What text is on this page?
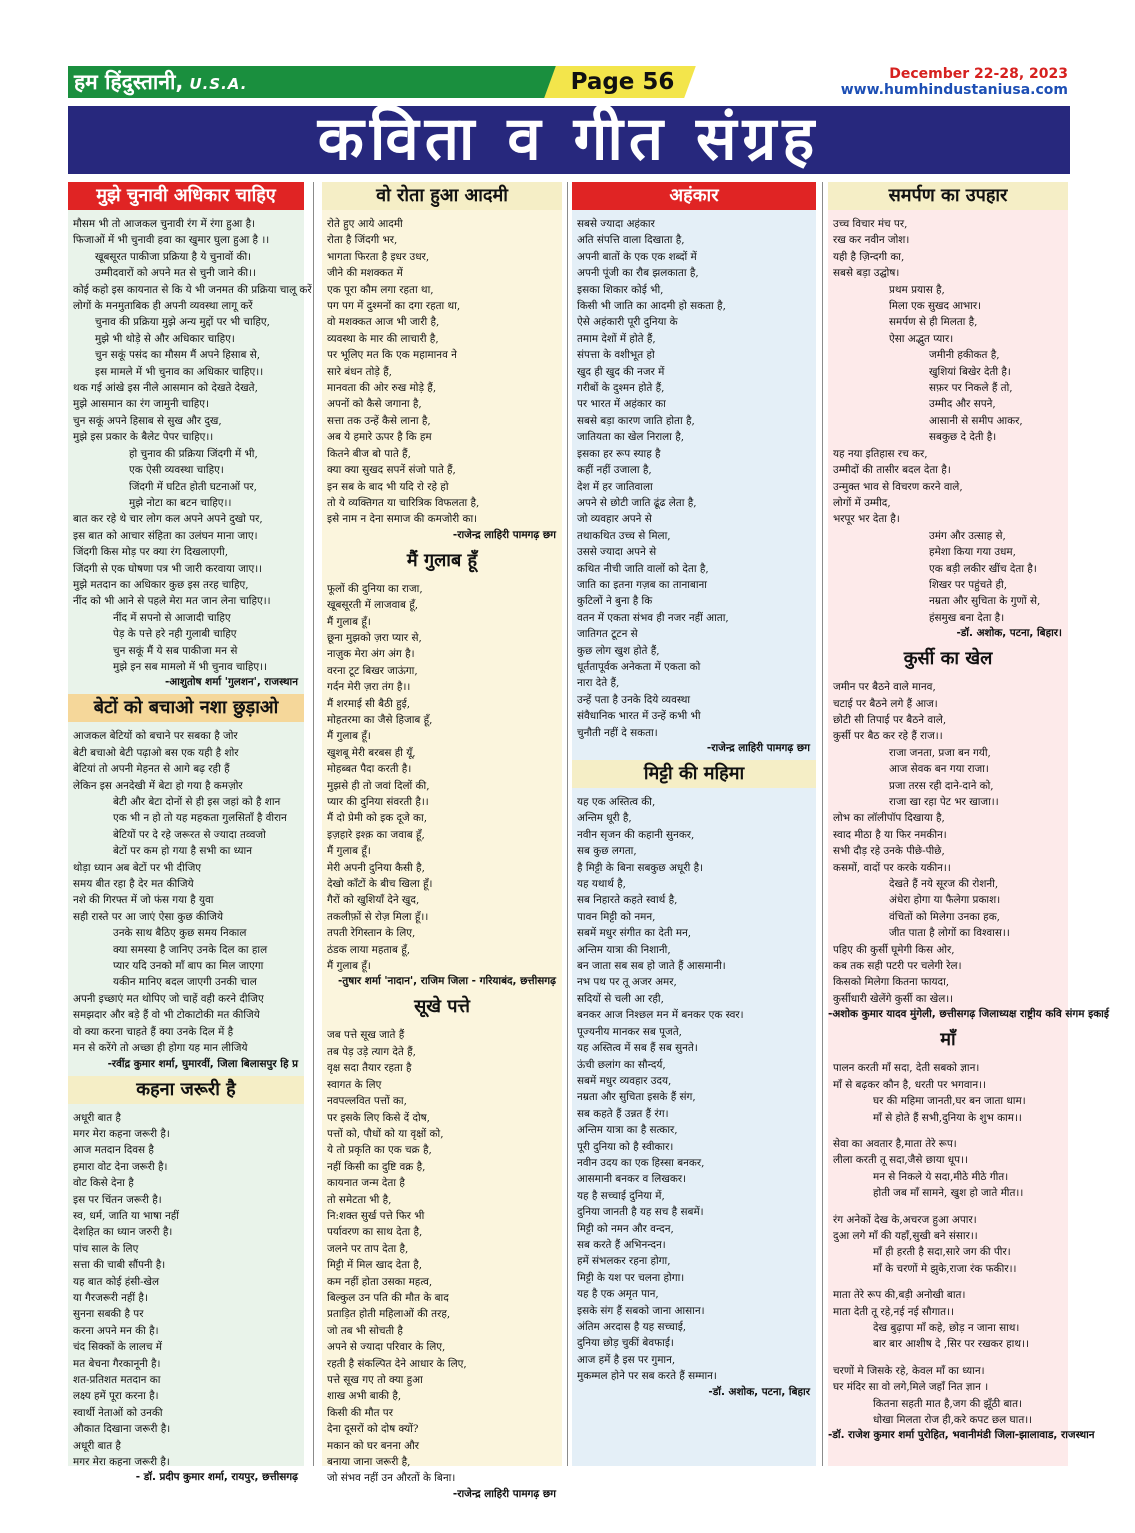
हम हिंदुस्तानी, U.S.A.	Page 56	December 22-28, 2023
www.humhindustaniusa.com
कविता व गीत संग्रह
मुझे चुनावी अधिकार चाहिए
मौसम भी तो आजकल चुनावी रंग में रंगा हुआ है।
फिजाओं में भी चुनावी हवा का खुमार घुला हुआ है ।।
खूबसूरत पाकीजा प्रक्रिया है ये चुनावों की।
उम्मीदवारों को अपने मत से चुनी जाने की।।
कोई कहो इस कायनात से कि ये भी जनमत की प्रक्रिया चालू करें
लोगों के मनमुताबिक ही अपनी व्यवस्था लागू करें
चुनाव की प्रक्रिया मुझे अन्य मुद्दों पर भी चाहिए,
मुझे भी थोड़े से और अधिकार चाहिए।
चुन सकूं पसंद का मौसम मैं अपने हिसाब से,
इस मामले में भी चुनाव का अधिकार चाहिए।।
थक गई आंखे इस नीले आसमान को देखते देखते,
मुझे आसमान का रंग जामुनी चाहिए।
चुन सकूं अपने हिसाब से सुख और दुख,
मुझे इस प्रकार के बैलेट पेपर चाहिए।।
हो चुनाव की प्रक्रिया जिंदगी में भी,
एक ऐसी व्यवस्था चाहिए।
जिंदगी में घटित होती घटनाओं पर,
मुझे नोटा का बटन चाहिए।।
बात कर रहे थे चार लोग कल अपने अपने दुखो पर,
इस बात को आचार संहिता का उलंघन माना जाए।
जिंदगी किस मोड़ पर क्या रंग दिखलाएगी,
जिंदगी से एक घोषणा पत्र भी जारी करवाया जाए।।
मुझे मतदान का अधिकार कुछ इस तरह चाहिए,
नींद को भी आने से पहले मेरा मत जान लेना चाहिए।।
नींद में सपनो से आजादी चाहिए
पेड़ के पत्ते हरे नही गुलाबी चाहिए
चुन सकूं मैं ये सब पाकीजा मन से
मुझे इन सब मामलो में भी चुनाव चाहिए।।
-आशुतोष शर्मा 'गुलशन', राजस्थान
बेटों को बचाओ नशा छुड़ाओ
आजकल बेटियों को बचाने पर सबका है जोर
बेटी बचाओ बेटी पढ़ाओ बस एक यही है शोर
बेटियां तो अपनी मेहनत से आगे बढ़ रही हैं
लेकिन इस अनदेखी में बेटा हो गया है कमज़ोर
बेटी और बेटा दोनों से ही इस जहां को है शान
एक भी न हो तो यह महकता गुलसिताँ है वीरान
बेटियों पर दे रहे जरूरत से ज्यादा तव्वजो
बेटों पर कम हो गया है सभी का ध्यान
थोड़ा ध्यान अब बेटों पर भी दीजिए
समय बीत रहा है देर मत कीजिये
नशे की गिरफ्त में जो फंस गया है युवा
सही रास्ते पर आ जाएं ऐसा कुछ कीजिये
उनके साथ बैठिए कुछ समय निकाल
क्या समस्या है जानिए उनके दिल का हाल
प्यार यदि उनको माँ बाप का मिल जाएगा
यकीन मानिए बदल जाएगी उनकी चाल
अपनी इच्छाएं मत थोपिए जो चाहें वही करने दीजिए
समझदार और बड़े हैं वो भी टोकाटोकी मत कीजिये
वो क्या करना चाहते हैं क्या उनके दिल में है
मन से करेंगे तो अच्छा ही होगा यह मान लीजिये
-रवींद्र कुमार शर्मा, घुमारवीं, जिला बिलासपुर हि प्र
कहना जरूरी है
अधूरी बात है
मगर मेरा कहना जरूरी है।
आज मतदान दिवस है
हमारा वोट देना जरूरी है।
वोट किसे देना है
इस पर चिंतन जरूरी है।
स्व, धर्म, जाति या भाषा नहीं
देशहित का ध्यान जरुरी है।
पांच साल के लिए
सत्ता की चाबी सौंपनी है।
यह बात कोई हंसी-खेल
या गैरजरूरी नहीं है।
सुनना सबकी है पर
करना अपने मन की है।
चंद सिक्कों के लालच में
मत बेचना गैरकानूनी है।
शत-प्रतिशत मतदान का
लक्ष्य हमें पूरा करना है।
स्वार्थी नेताओं को उनकी
औकात दिखाना जरूरी है।
अधूरी बात है
मगर मेरा कहना जरूरी है।
- डॉ. प्रदीप कुमार शर्मा, रायपुर, छत्तीसगढ़
वो रोता हुआ आदमी
रोते हुए आये आदमी
रोता है जिंदगी भर,
भागता फिरता है इधर उधर,
जीने की मशक्कत में
एक पूरा कौम लगा रहता था,
पग पग में दुश्मनों का दगा रहता था,
वो मशक्कत आज भी जारी है,
व्यवस्था के मार की लाचारी है,
पर भूलिए मत कि एक महामानव ने
सारे बंधन तोड़े हैं,
मानवता की ओर रुख मोड़े हैं,
अपनों को कैसे जगाना है,
सत्ता तक उन्हें कैसे लाना है,
अब ये हमारे ऊपर है कि हम
कितने बीज बो पाते हैं,
क्या क्या सुखद सपनें संजो पाते हैं,
इन सब के बाद भी यदि रो रहे हो
तो ये व्यक्तिगत या चारित्रिक विफलता है,
इसे नाम न देना समाज की कमजोरी का।
-राजेन्द्र लाहिरी पामगढ़ छग
मैं गुलाब हूँ
फूलों की दुनिया का राजा,
खूबसूरती में लाजवाब हूँ,
मैं गुलाब हूँ।
छूना मुझको ज़रा प्यार से,
नाज़ुक मेरा अंग अंग है।
वरना टूट बिखर जाऊंगा,
गर्दन मेरी ज़रा तंग है।।
मैं शरमाई सी बैठी हुई,
मोहतरमा का जैसे हिजाब हूँ,
मैं गुलाब हूँ।
खुशबू मेरी बरबस ही यूँ,
मोहब्बत पैदा करती है।
मुझसे ही तो जवां दिलों की,
प्यार की दुनिया संवरती है।।
मैं दो प्रेमी को इक दूजे का,
इज़हारे इश्क़ का जवाब हूँ,
मैं गुलाब हूँ।
मेरी अपनी दुनिया कैसी है,
देखो काँटों के बीच खिला हूँ।
गैरों को खुशियाँ देने खुद,
तकलीफ़ों से रोज़ मिला हूँ।।
तपती रेगिस्तान के लिए,
ठंडक लाया महताब हूँ,
मैं गुलाब हूँ।
-तुषार शर्मा 'नादान', राजिम जिला - गरियाबंद, छत्तीसगढ़
सूखे पत्ते
जब पत्ते सूख जाते हैं
तब पेड़ उड़े त्याग देते हैं,
वृक्ष सदा तैयार रहता है
स्वागत के लिए
नवपल्लवित पत्तों का,
पर इसके लिए किसे दें दोष,
पत्तों को, पौधों को या वृक्षों को,
ये तो प्रकृति का एक चक्र है,
नहीं किसी का दुष्टि वक्र है,
कायनात जन्म देता है
तो समेटता भी है,
नि:शक्त सुर्ख पत्ते फिर भी
पर्यावरण का साथ देता है,
जलने पर ताप देता है,
मिट्टी में मिल खाद देता है,
कम नहीं होता उसका महत्व,
बिल्कुल उन पति की मौत के बाद
प्रताड़ित होती महिलाओं की तरह,
जो तब भी सोचती है
अपने से ज्यादा परिवार के लिए,
रहती है संकल्पित देने आधार के लिए,
पत्ते सूख गए तो क्या हुआ
शाख अभी बाकी है,
किसी की मौत पर
देना दूसरों को दोष क्यों?
मकान को घर बनना और
बनाया जाना जरूरी है,
जो संभव नहीं उन औरतों के बिना।
-राजेन्द्र लाहिरी पामगढ़ छग
अहंकार
सबसे ज्यादा अहंकार
अति संपत्ति वाला दिखाता है,
अपनी बातों के एक एक शब्दों में
अपनी पूंजी का रौब झलकाता है,
इसका शिकार कोई भी,
किसी भी जाति का आदमी हो सकता है,
ऐसे अहंकारी पूरी दुनिया के
तमाम देशों में होते हैं,
संपत्ता के वशीभूत हो
खुद ही खुद की नजर में
गरीबों के दुश्मन होते हैं,
पर भारत में अहंकार का
सबसे बड़ा कारण जाति होता है,
जातियता का खेल निराला है,
इसका हर रूप स्याह है
कहीं नहीं उजाला है,
देश में हर जातिवाला
अपने से छोटी जाति ढूंढ लेता है,
जो व्यवहार अपने से
तथाकथित उच्च से मिला,
उससे ज्यादा अपने से
कथित नीची जाति वालों को देता है,
जाति का इतना गज़ब का तानाबाना
कुटिलों ने बुना है कि
वतन में एकता संभव ही नजर नहीं आता,
जातिगत टूटन से
कुछ लोग खुश होते हैं,
धूर्ततापूर्वक अनेकता में एकता को
नारा देते हैं,
उन्हें पता है उनके दिये व्यवस्था
संवैधानिक भारत में उन्हें कभी भी
चुनौती नहीं दे सकता।
-राजेन्द्र लाहिरी पामगढ़ छग
मिट्टी की महिमा
यह एक अस्तित्व की,
अन्तिम धूरी है,
नवीन सृजन की कहानी सुनकर,
सब कुछ लगता,
है मिट्टी के बिना सबकुछ अधूरी है।
यह यथार्थ है,
सब निहारते कहते स्वार्थ है,
पावन मिट्टी को नमन,
सबमें मधुर संगीत का देती मन,
अन्तिम यात्रा की निशानी,
बन जाता सब सब हो जाते हैं आसमानी।
नभ पथ पर तू अजर अमर,
सदियों से चली आ रही,
बनकर आज निश्छल मन में बनकर एक स्वर।
पूज्यनीय मानकर सब पूजते,
यह अस्तित्व में सब हैं सब सुनते।
ऊंची छलांग का सौन्दर्य,
सबमें मधुर व्यवहार उदय,
नम्रता और सुचिता इसके हैं संग,
सब कहते हैं उन्नत हैं रंग।
अन्तिम यात्रा का है सत्कार,
पूरी दुनिया को है स्वीकार।
नवीन उदय का एक हिस्सा बनकर,
आसमानी बनकर व लिखकर।
यह है सच्चाई दुनिया में,
दुनिया जानती है यह सच है सबमें।
मिट्टी को नमन और वन्दन,
सब करते हैं अभिनन्दन।
हमें संभलकर रहना होगा,
मिट्टी के यश पर चलना होगा।
यह है एक अमृत पान,
इसके संग हैं सबको जाना आसान।
अंतिम अरदास है यह सच्चाई,
दुनिया छोड़ चुकीं बेवफाई।
आज हमें है इस पर गुमान,
मुकम्मल होने पर सब करते हैं सम्मान।
-डॉ. अशोक, पटना, बिहार
समर्पण का उपहार
उच्च विचार मंच पर,
रख कर नवीन जोश।
यही है ज़िन्दगी का,
सबसे बड़ा उद्घोष।
प्रथम प्रयास है,
मिला एक सुखद आभार।
समर्पण से ही मिलता है,
ऐसा अद्भुत प्यार।
जमीनी हकीकत है,
खुशियां बिखेर देती है।
सफ़र पर निकले हैं तो,
उम्मीद और सपने,
आसानी से समीप आकर,
सबकुछ दे देती है।
यह नया इतिहास रच कर,
उम्मीदों की तासीर बदल देता है।
उन्मुक्त भाव से विचरण करने वाले,
लोगों में उम्मीद,
भरपूर भर देता है।
उमंग और उत्साह से,
हमेशा किया गया उधम,
एक बड़ी लकीर खींच देता है।
शिखर पर पहुंचते ही,
नम्रता और सुचिता के गुणों से,
हंसमुख बना देता है।
-डॉ. अशोक, पटना, बिहार।
कुर्सी का खेल
जमीन पर बैठने वाले मानव,
चटाई पर बैठने लगे हैं आज।
छोटी सी तिपाई पर बैठने वाले,
कुर्सी पर बैठ कर रहे हैं राज।।
राजा जनता, प्रजा बन गयी,
आज सेवक बन गया राजा।
प्रजा तरस रही दाने-दाने को,
राजा खा रहा पेट भर खाजा।।
लोभ का लॉलीपॉप दिखाया है,
स्वाद मीठा है या फिर नमकीन।
सभी दौड़ रहे उनके पीछे-पीछे,
कसमों, वादों पर करके यकीन।।
देखते हैं नये सूरज की रोशनी,
अंधेरा होगा या फैलेगा प्रकाश।
वंचितों को मिलेगा उनका हक,
जीत पाता है लोगों का विश्वास।।
पहिए की कुर्सी घूमेगी किस ओर,
कब तक सही पटरी पर चलेगी रेल।
किसको मिलेगा कितना फायदा,
कुर्सीधारी खेलेंगे कुर्सी का खेल।।
-अशोक कुमार यादव मुंगेली, छत्तीसगढ़ जिलाध्यक्ष राष्ट्रीय कवि संगम इकाई
माँ
पालन करती माँ सदा, देती सबको ज्ञान।
माँ से बढ़कर कौन है, धरती पर भगवान।।
घर की महिमा जानती,घर बन जाता धाम।
माँ से होते हैं सभी,दुनिया के शुभ काम।।
सेवा का अवतार है,माता तेरे रूप।
लीला करती तू सदा,जैसे छाया धूप।।
मन से निकले ये सदा,मीठे मीठे गीत।
होती जब माँ सामने, खुश हो जाते मीत।।
रंग अनेकों देख के,अचरज हुआ अपार।
दुआ लगे माँ की यहाँ,सुखी बने संसार।।
माँ ही हरती है सदा,सारे जग की पीर।
माँ के चरणों मे झुके,राजा रंक फकीर।।
माता तेरे रूप की,बड़ी अनोखी बात।
माता देती तू रहे,नई नई सौगात।।
देख बुढ़ापा माँ कहे, छोड़ न जाना साथ।
बार बार आशीष दे ,सिर पर रखकर हाथ।।
चरणों मे जिसके रहे, केवल माँ का ध्यान।
घर मंदिर सा वो लगे,मिले जहाँ नित ज्ञान ।
कितना सहती मात है,जग की झूँठी बात।
धोखा मिलता रोज ही,करे कपट छल घात।।
-डॉ. राजेश कुमार शर्मा पुरोहित, भवानीमंडी जिला-झालावाड, राजस्थान
